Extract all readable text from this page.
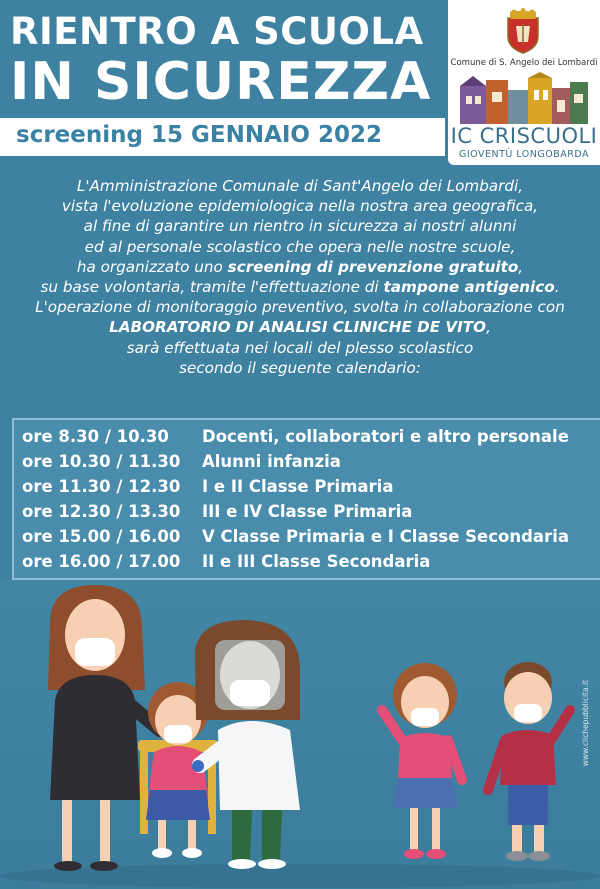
RIENTRO A SCUOLA
IN SICUREZZA
screening 15 GENNAIO 2022
Comune di S. Angelo dei Lombardi
IC CRISCUOLI
GIOVENTÙ LONGOBARDA
L'Amministrazione Comunale di Sant'Angelo dei Lombardi,
vista l'evoluzione epidemiologica nella nostra area geografica,
al fine di garantire un rientro in sicurezza ai nostri alunni
ed al personale scolastico che opera nelle nostre scuole,
ha organizzato uno screening di prevenzione gratuito,
su base volontaria, tramite l'effettuazione di tampone antigenico.
L'operazione di monitoraggio preventivo, svolta in collaborazione con
LABORATORIO DI ANALISI CLINICHE DE VITO,
sarà effettuata nei locali del plesso scolastico
secondo il seguente calendario:
ore 8.30 / 10.30 Docenti, collaboratori e altro personale
ore 10.30 / 11.30 Alunni infanzia
ore 11.30 / 12.30 I e II Classe Primaria
ore 12.30 / 13.30 III e IV Classe Primaria
ore 15.00 / 16.00 V Classe Primaria e I Classe Secondaria
ore 16.00 / 17.00 II e III Classe Secondaria
www.clichepubblicita.it
